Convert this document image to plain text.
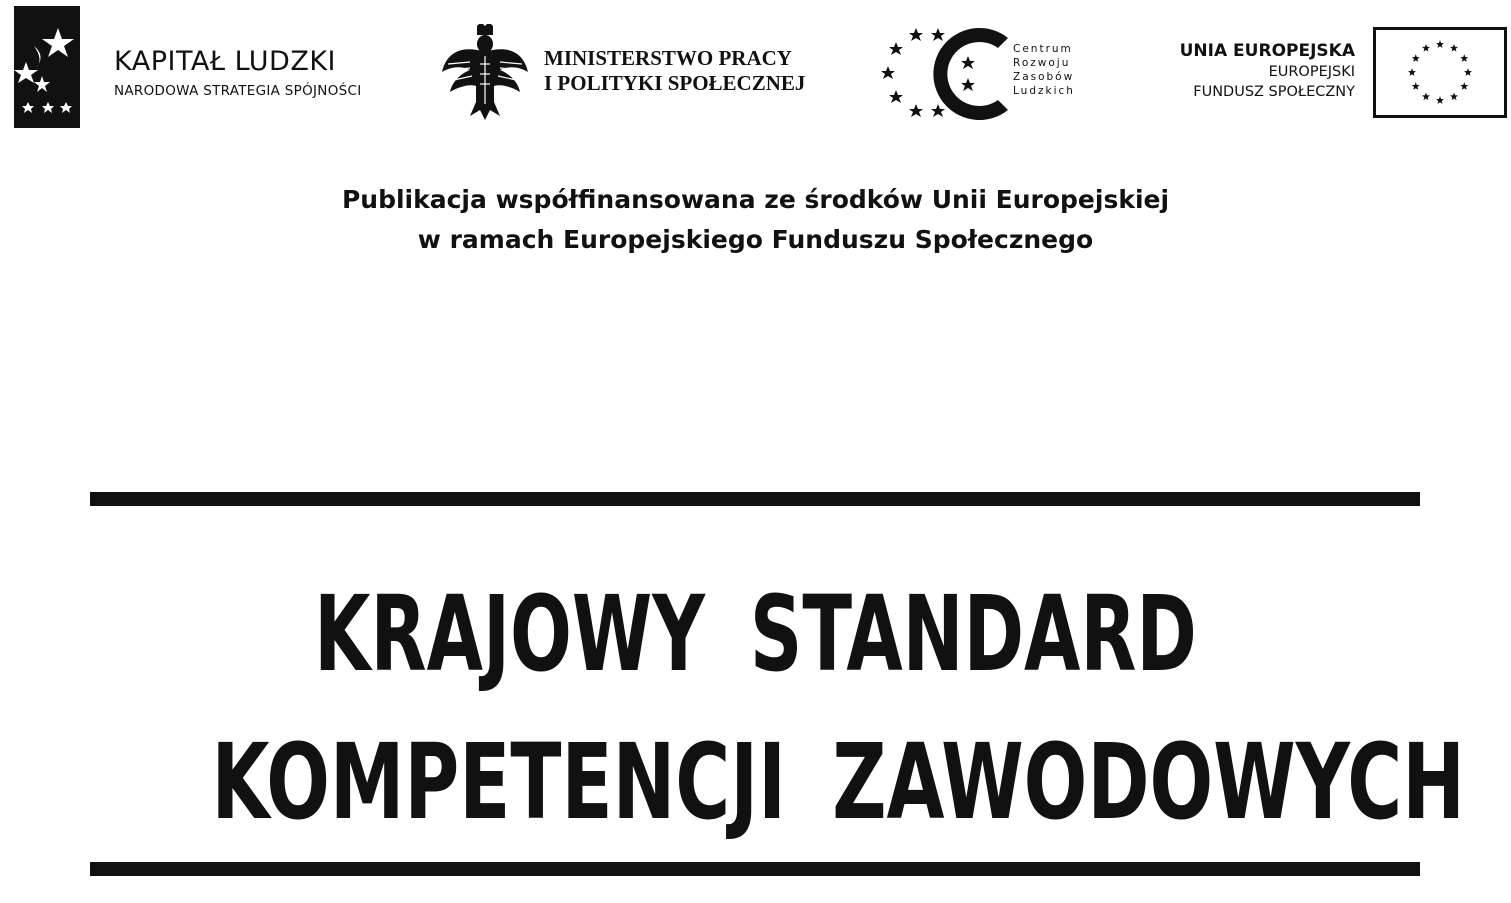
KAPITAŁ LUDZKI
NARODOWA STRATEGIA SPÓJNOŚCI
MINISTERSTWO PRACY
I POLITYKI SPOŁECZNEJ
Centrum
Rozwoju
Zasobów
Ludzkich
UNIA EUROPEJSKA
EUROPEJSKI
FUNDUSZ SPOŁECZNY
Publikacja współfinansowana ze środków Unii Europejskiej
w ramach Europejskiego Funduszu Społecznego
KRAJOWY STANDARD
KOMPETENCJI ZAWODOWYCH
